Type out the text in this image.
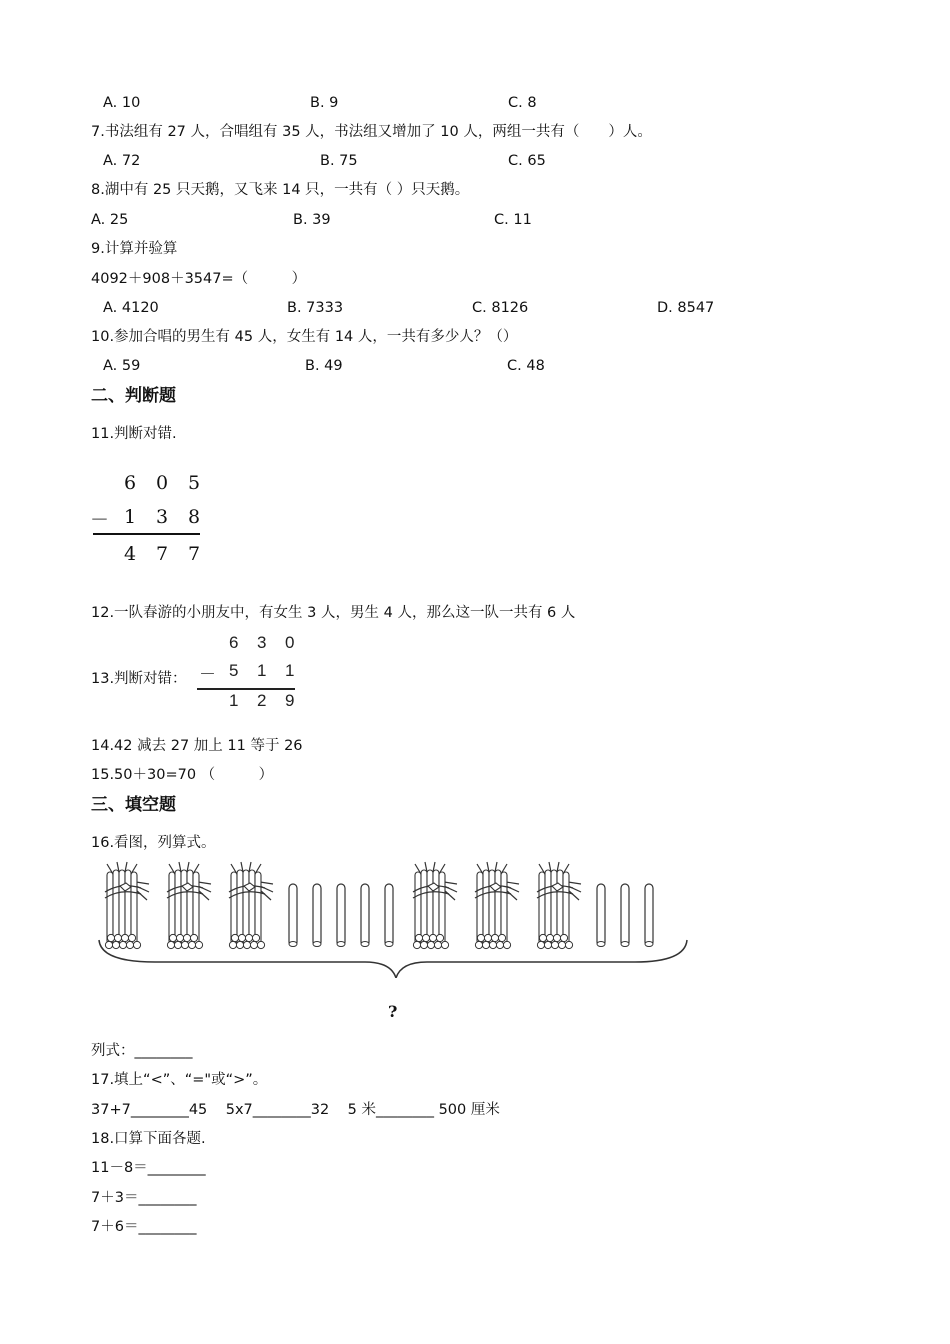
A. 10	B. 9	C. 8
7.书法组有 27 人，合唱组有 35 人，书法组又增加了 10 人，两组一共有（　　）人。
A. 72	B. 75	C. 65
8.湖中有 25 只天鹅，又飞来 14 只，一共有（ ）只天鹅。
A. 25	B. 39	C. 11
9.计算并验算
4092＋908＋3547=（　　　）
A. 4120	B. 7333	C. 8126	D. 8547
10.参加合唱的男生有 45 人，女生有 14 人，一共有多少人？（）
A. 59	B. 49	C. 48
二、判断题
11.判断对错.
6 0 5
－ 1 3 8
4 7 7
12.一队春游的小朋友中，有女生 3 人，男生 4 人，那么这一队一共有 6 人
13.判断对错：
6 3 0
－ 5 1 1
1 2 9
14.42 减去 27 加上 11 等于 26
15.50＋30=70 （　　　）
三、填空题
16.看图，列算式。
?
列式：________
17.填上“<”、“="或“>”。
37+7________45    5x7________32    5 米________ 500 厘米
18.口算下面各题.
11－8＝________
7＋3＝________
7＋6＝________
